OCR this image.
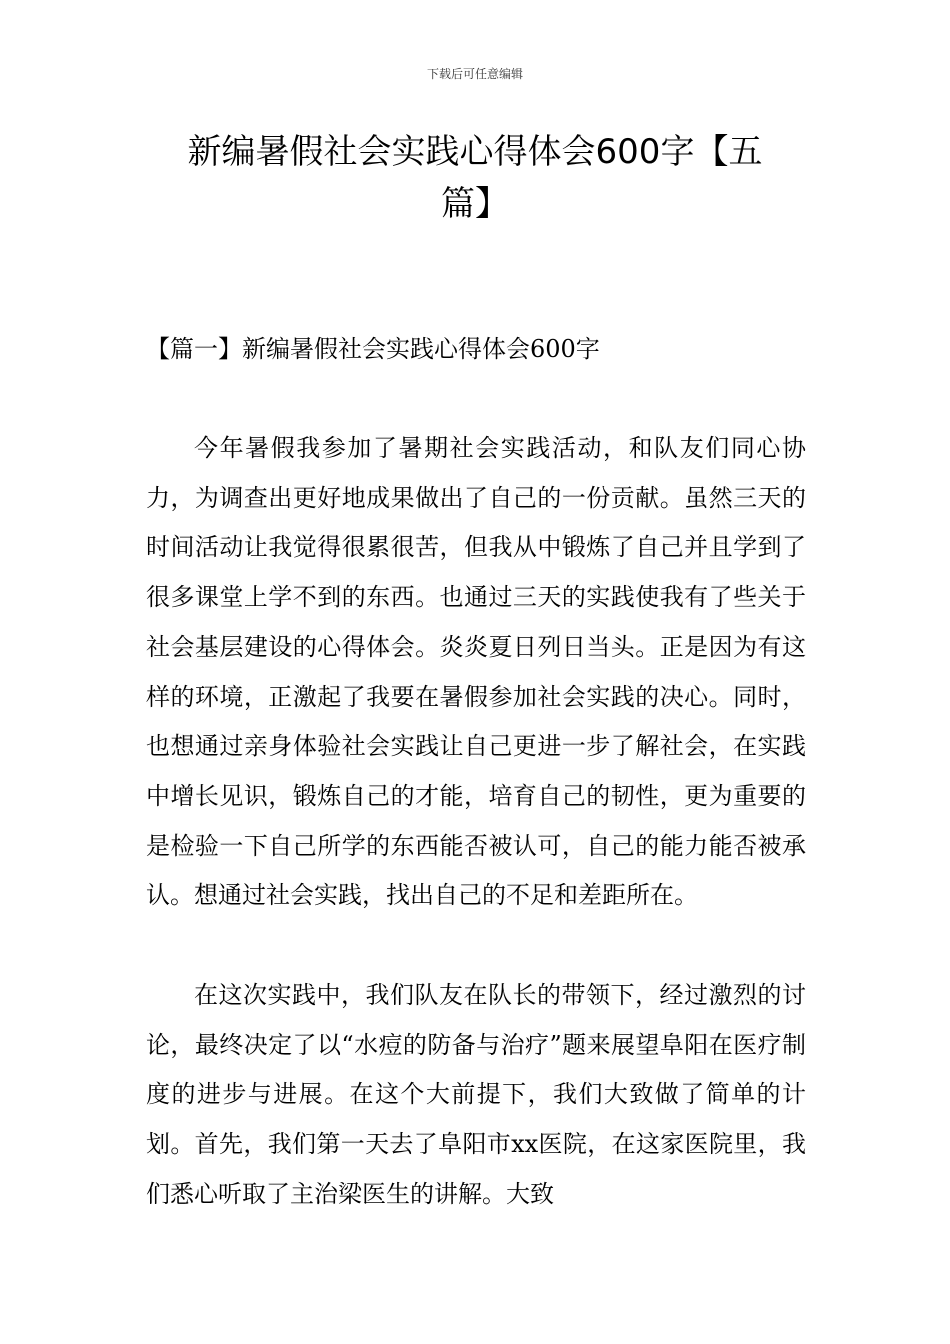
下载后可任意编辑
新编暑假社会实践心得体会600字【五篇】
【篇一】新编暑假社会实践心得体会600字

今年暑假我参加了暑期社会实践活动，和队友们同心协力，为调查出更好地成果做出了自己的一份贡献。虽然三天的时间活动让我觉得很累很苦，但我从中锻炼了自己并且学到了很多课堂上学不到的东西。也通过三天的实践使我有了些关于社会基层建设的心得体会。炎炎夏日列日当头。正是因为有这样的环境，正激起了我要在暑假参加社会实践的决心。同时，也想通过亲身体验社会实践让自己更进一步了解社会，在实践中增长见识，锻炼自己的才能，培育自己的韧性，更为重要的是检验一下自己所学的东西能否被认可，自己的能力能否被承认。想通过社会实践，找出自己的不足和差距所在。

在这次实践中，我们队友在队长的带领下，经过激烈的讨论，最终决定了以“水痘的防备与治疗”题来展望阜阳在医疗制度的进步与进展。在这个大前提下，我们大致做了简单的计划。首先，我们第一天去了阜阳市xx医院，在这家医院里，我们悉心听取了主治梁医生的讲解。大致
